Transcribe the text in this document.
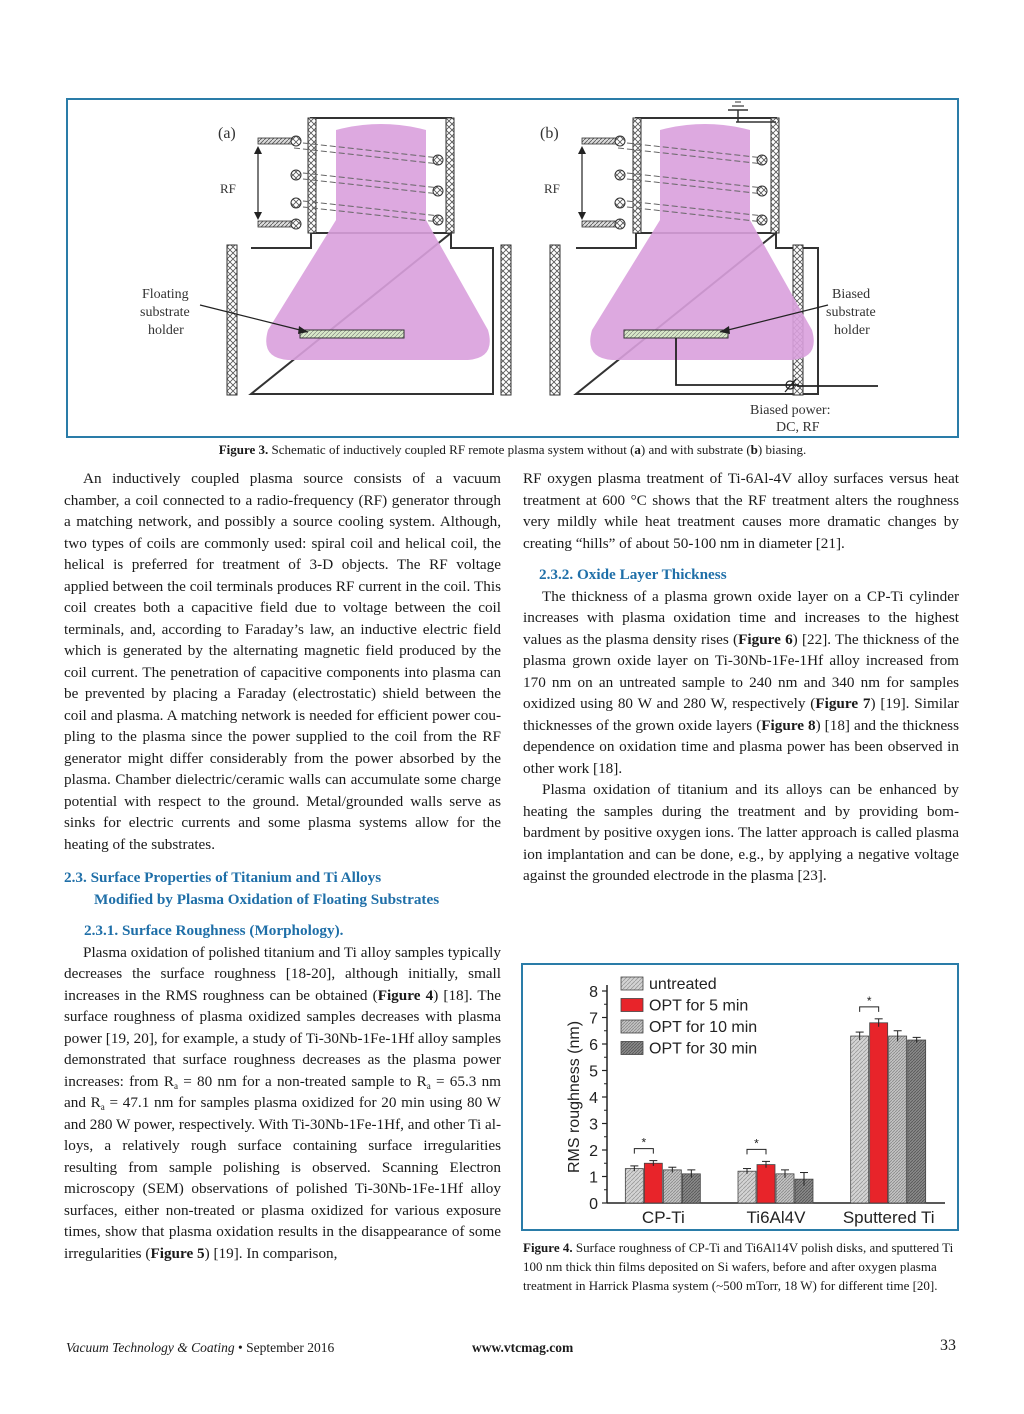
(a)	(b)
RF	RF
Floating
substrate
holder
Biased
substrate
holder
Biased power:
DC, RF
Figure 3. Schematic of inductively coupled RF remote plasma system without (a) and with substrate (b) biasing.

An inductively coupled plasma source consists of a vacuum chamber, a coil connected to a radio-frequency (RF) generator through a matching network, and possibly a source cooling system. Although, two types of coils are commonly used: spiral coil and helical coil, the helical is preferred for treatment of 3-D objects. The RF voltage applied between the coil terminals produces RF current in the coil. This coil creates both a capacitive field due to voltage between the coil terminals, and, according to Faraday’s law, an inductive electric field which is generated by the alternating magnetic field produced by the coil current. The penetration of capacitive components into plasma can be prevented by placing a Faraday (electrostatic) shield between the coil and plasma. A matching network is needed for efficient power coupling to the plasma since the power supplied to the coil from the RF generator might differ considerably from the power absorbed by the plasma. Chamber dielectric/ceramic walls can accumulate some charge potential with respect to the ground. Metal/grounded walls serve as sinks for electric currents and some plasma systems allow for the heating of the substrates.

2.3. Surface Properties of Titanium and Ti Alloys
Modified by Plasma Oxidation of Floating Substrates
2.3.1. Surface Roughness (Morphology).

Plasma oxidation of polished titanium and Ti alloy samples typically decreases the surface roughness [18-20], although initially, small increases in the RMS roughness can be obtained (Figure 4) [18]. The surface roughness of plasma oxidized samples decreases with plasma power [19, 20], for example, a study of Ti-30Nb-1Fe-1Hf alloy samples demonstrated that surface roughness decreases as the plasma power increases: from $R_a = 80$ nm for a non-treated sample to $R_a = 65.3$ nm and $R_a = 47.1$ nm for samples plasma oxidized for 20 min using 80 W and 280 W power, respectively. With Ti-30Nb-1Fe-1Hf, and other Ti alloys, a relatively rough surface containing surface irregularities resulting from sample polishing is observed. Scanning Electron microscopy (SEM) observations of polished Ti-30Nb-1Fe-1Hf alloy surfaces, either non-treated or plasma oxidized for various exposure times, show that plasma oxidation results in the disappearance of some irregularities (Figure 5) [19]. In comparison,

RF oxygen plasma treatment of Ti-6Al-4V alloy surfaces versus heat treatment at 600 °C shows that the RF treatment alters the roughness very mildly while heat treatment causes more dramatic changes by creating “hills” of about 50-100 nm in diameter [21].

2.3.2. Oxide Layer Thickness

The thickness of a plasma grown oxide layer on a CP-Ti cylinder increases with plasma oxidation time and increases to the highest values as the plasma density rises (Figure 6) [22]. The thickness of the plasma grown oxide layer on Ti-30Nb-1Fe-1Hf alloy increased from 170 nm on an untreated sample to 240 nm and 340 nm for samples oxidized using 80 W and 280 W, respectively (Figure 7) [19]. Similar thicknesses of the grown oxide layers (Figure 8) [18] and the thickness dependence on oxidation time and plasma power has been observed in other work [18].

Plasma oxidation of titanium and its alloys can be enhanced by heating the samples during the treatment and by providing bombardment by positive oxygen ions. The latter approach is called plasma ion implantation and can be done, e.g., by applying a negative voltage against the grounded electrode in the plasma [23].

0
1
2
3
4
5
6
7
8
RMS roughness (nm)	*
CP-Ti
*
Ti6Al4V
*
Sputtered Ti
untreated
OPT for 5 min
OPT for 10 min
OPT for 30 min
Figure 4. Surface roughness of CP-Ti and Ti6Al14V polish disks, and sputtered Ti 100 nm thick thin films deposited on Si wafers, before and after oxygen plasma treatment in Harrick Plasma system (~500 mTorr, 18 W) for different time [20].
Vacuum Technology & Coating • September 2016	www.vtcmag.com	33
